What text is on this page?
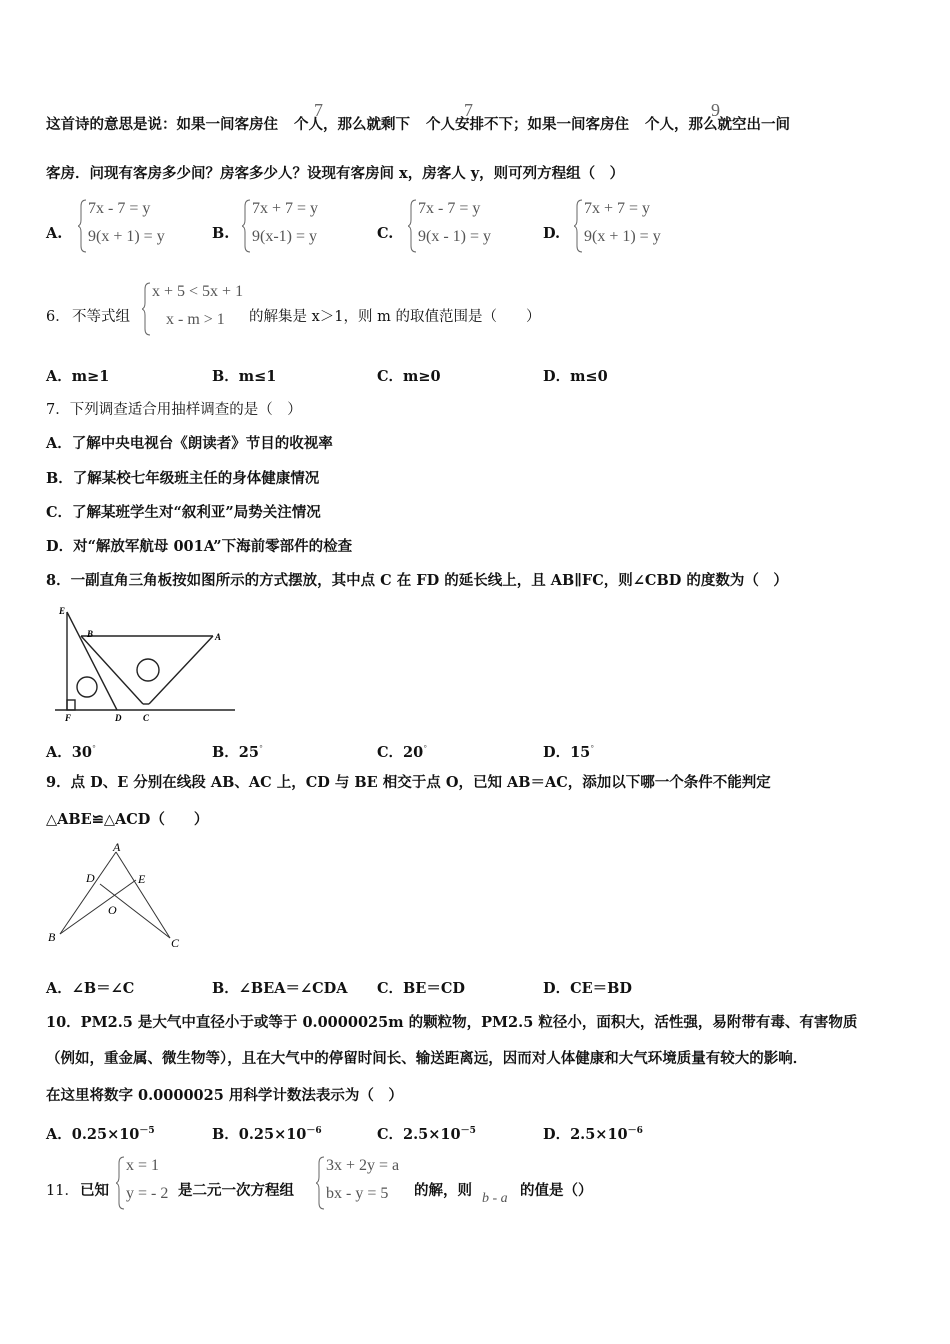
这首诗的意思是说：如果一间客房住 个人，那么就剩下 个人安排不下；如果一间客房住 个人，那么就空出一间
7	7	9
客房．问现有客房多少间？房客多少人？设现有客房间 x，房客人 y，则可列方程组（　）
A.
7x - 7 = y
9(x + 1) = y	B.
7x + 7 = y
9(x-1) = y	C.
7x - 7 = y
9(x - 1) = y	D.
7x + 7 = y
9(x + 1) = y
6． 不等式组
x + 5 < 5x + 1
x - m > 1 的解集是 x＞1，则 m 的取值范围是（　　）
A．m≥1	B．m≤1	C．m≥0	D．m≤0
7．下列调查适合用抽样调查的是（　）
A．了解中央电视台《朗读者》节目的收视率
B．了解某校七年级班主任的身体健康情况
C．了解某班学生对“叙利亚”局势关注情况
D．对“解放军航母 001A”下海前零部件的检查
8．一副直角三角板按如图所示的方式摆放，其中点 C 在 FD 的延长线上，且 AB∥FC，则∠CBD 的度数为（　）
E
B	A
F	D C
A．30°	B．25°	C．20°	D．15°
9．点 D、E 分别在线段 AB、AC 上，CD 与 BE 相交于点 O，已知 AB＝AC，添加以下哪一个条件不能判定
△ABE≌△ACD（　　）
A
D	E
O
B	C
A．∠B＝∠C	B．∠BEA＝∠CDA C．BE＝CD	D．CE＝BD
10．PM2.5 是大气中直径小于或等于 0.0000025m 的颗粒物，PM2.5 粒径小，面积大，活性强，易附带有毒、有害物质
（例如，重金属、微生物等），且在大气中的停留时间长、输送距离远，因而对人体健康和大气环境质量有较大的影响．
在这里将数字 0.0000025 用科学计数法表示为（　）
A．$0.25\times 10^{-5}$	B．$0.25\times 10^{-6}$	C．$2.5\times 10^{-5}$	D．$2.5\times 10^{-6}$
11． 已知
x = 1
y = - 2 是二元一次方程组
3x + 2y = a
bx - y = 5 的解，则 b - a 的值是（）
